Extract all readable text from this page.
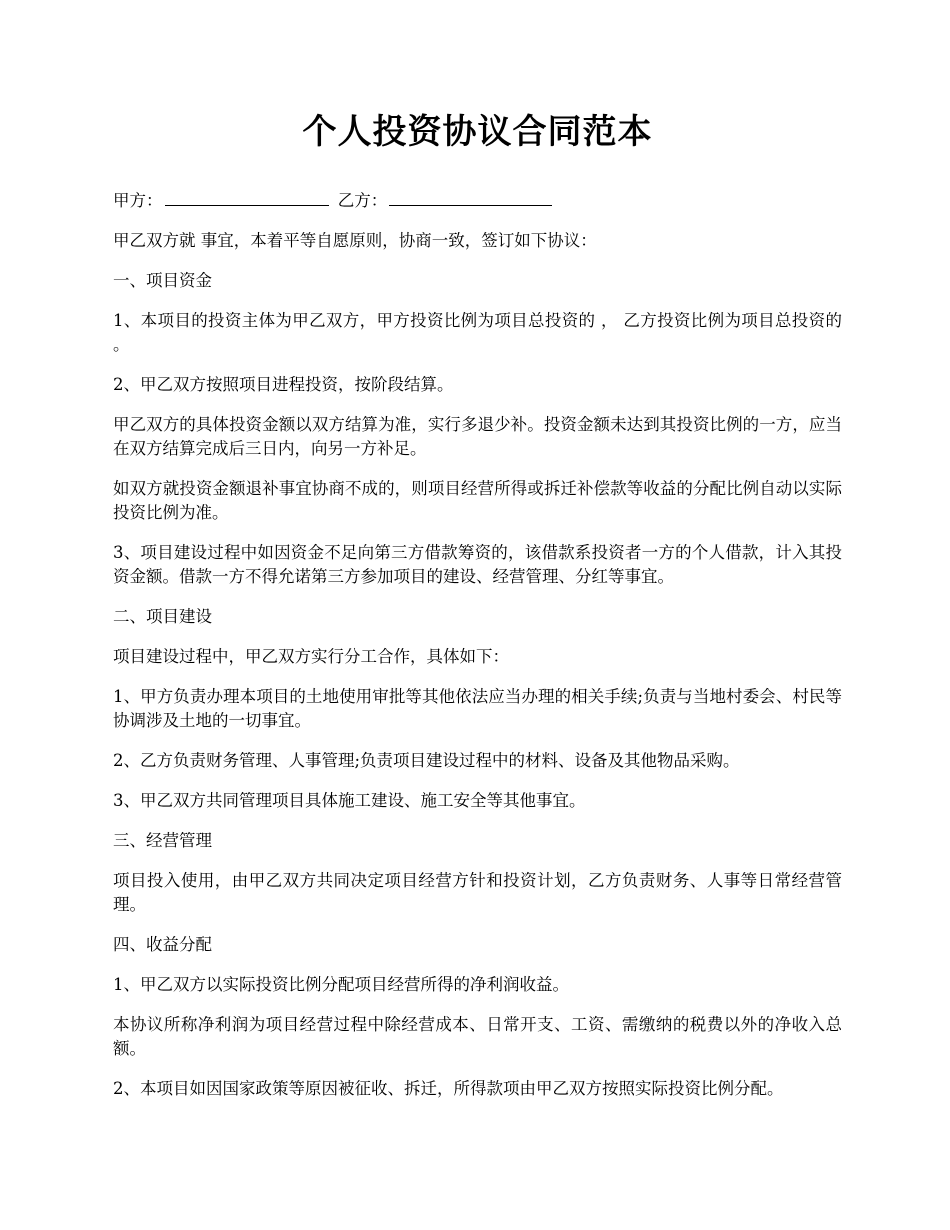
个人投资协议合同范本

甲方：	乙方：

甲乙双方就 事宜，本着平等自愿原则，协商一致，签订如下协议：

一、项目资金

1、本项目的投资主体为甲乙双方，甲方投资比例为项目总投资的 ， 乙方投资比例为项目总投资的 。

2、甲乙双方按照项目进程投资，按阶段结算。

甲乙双方的具体投资金额以双方结算为准，实行多退少补。投资金额未达到其投资比例的一方，应当在双方结算完成后三日内，向另一方补足。

如双方就投资金额退补事宜协商不成的，则项目经营所得或拆迁补偿款等收益的分配比例自动以实际投资比例为准。

3、项目建设过程中如因资金不足向第三方借款筹资的，该借款系投资者一方的个人借款，计入其投资金额。借款一方不得允诺第三方参加项目的建设、经营管理、分红等事宜。

二、项目建设

项目建设过程中，甲乙双方实行分工合作，具体如下：

1、甲方负责办理本项目的土地使用审批等其他依法应当办理的相关手续;负责与当地村委会、村民等协调涉及土地的一切事宜。

2、乙方负责财务管理、人事管理;负责项目建设过程中的材料、设备及其他物品采购。

3、甲乙双方共同管理项目具体施工建设、施工安全等其他事宜。

三、经营管理

项目投入使用，由甲乙双方共同决定项目经营方针和投资计划，乙方负责财务、人事等日常经营管理。

四、收益分配

1、甲乙双方以实际投资比例分配项目经营所得的净利润收益。

本协议所称净利润为项目经营过程中除经营成本、日常开支、工资、需缴纳的税费以外的净收入总额。

2、本项目如因国家政策等原因被征收、拆迁，所得款项由甲乙双方按照实际投资比例分配。
